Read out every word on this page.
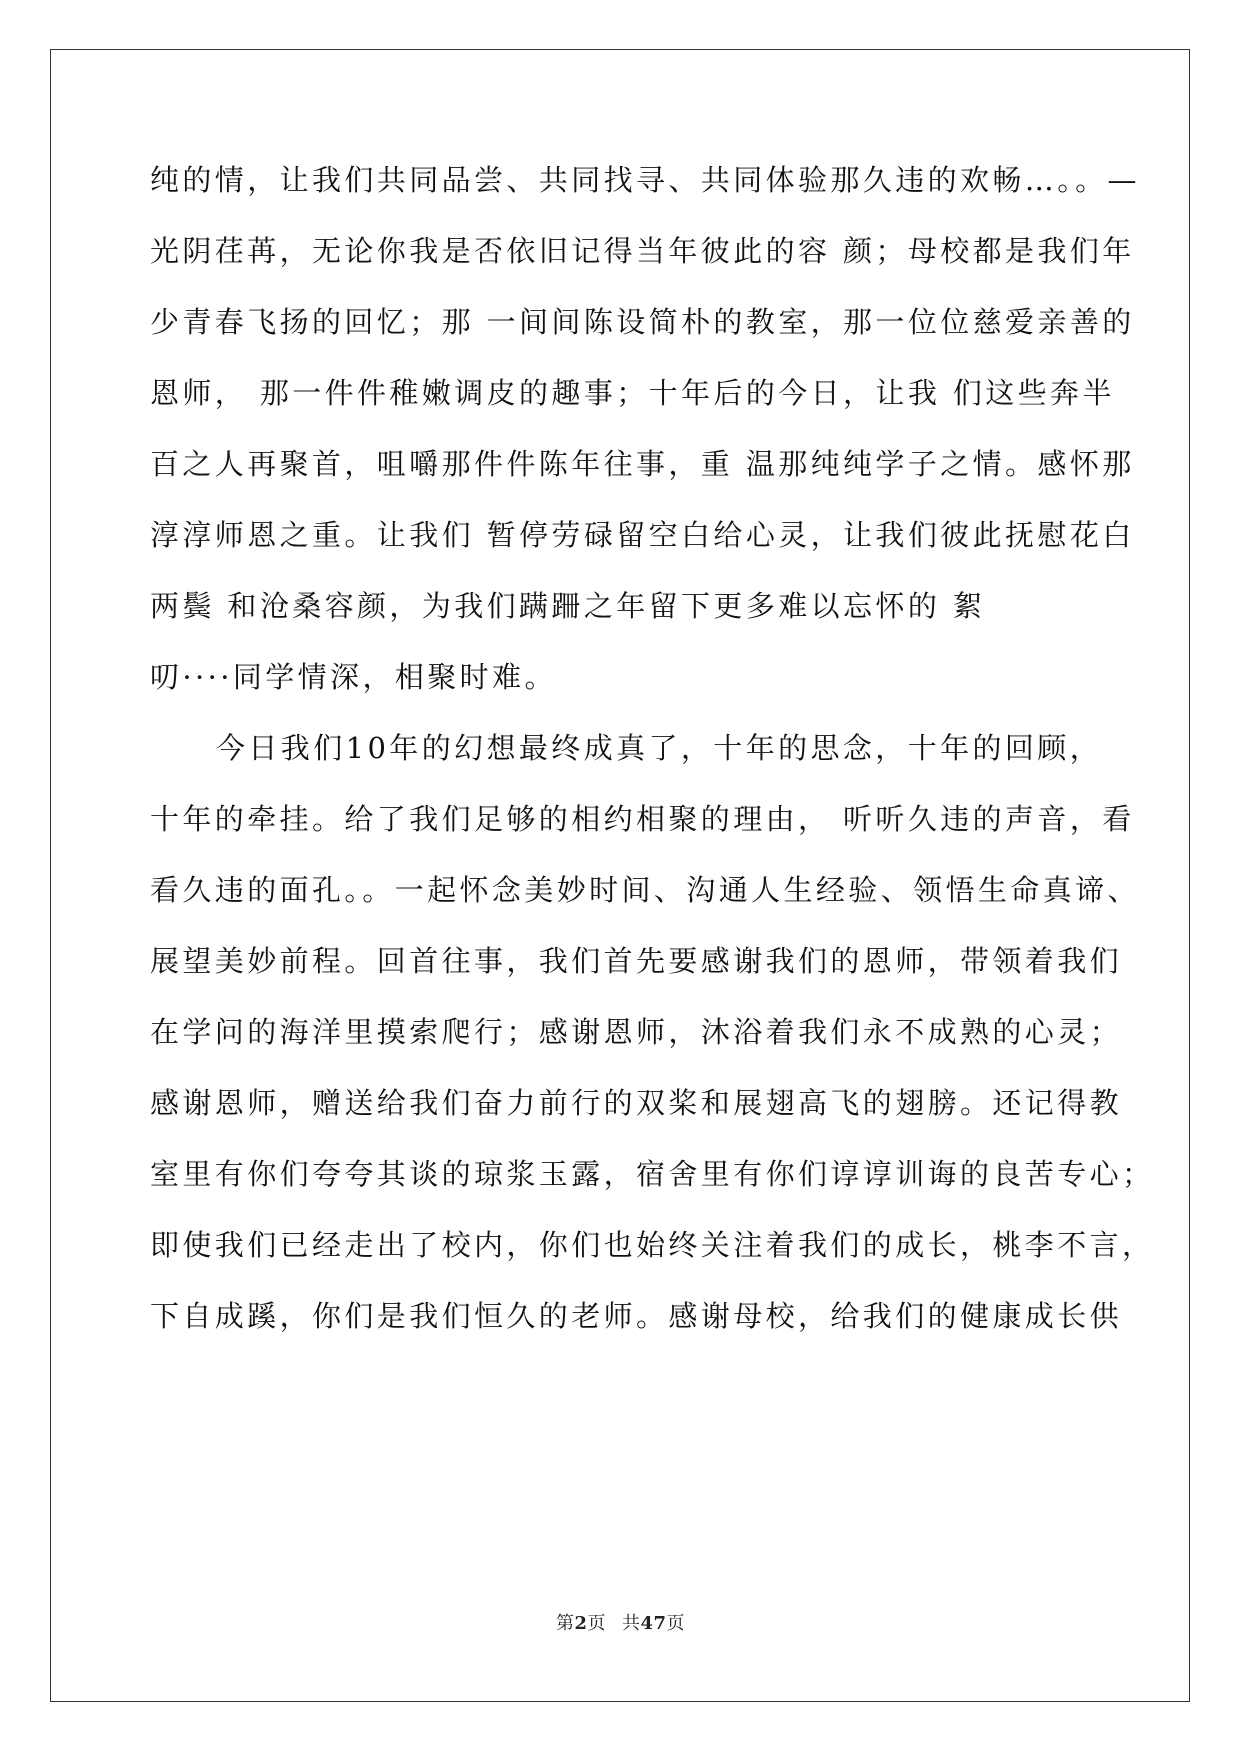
纯的情，让我们共同品尝、共同找寻、共同体验那久违的欢畅…。。—
光阴荏苒，无论你我是否依旧记得当年彼此的容 颜；母校都是我们年
少青春飞扬的回忆；那 一间间陈设简朴的教室，那一位位慈爱亲善的
恩师， 那一件件稚嫩调皮的趣事；十年后的今日，让我 们这些奔半
百之人再聚首，咀嚼那件件陈年往事，重 温那纯纯学子之情。感怀那
淳淳师恩之重。让我们 暂停劳碌留空白给心灵，让我们彼此抚慰花白
两鬓 和沧桑容颜，为我们蹒跚之年留下更多难以忘怀的 絮
叨····同学情深，相聚时难。
今日我们10年的幻想最终成真了，十年的思念，十年的回顾，
十年的牵挂。给了我们足够的相约相聚的理由， 听听久违的声音，看
看久违的面孔。。一起怀念美妙时间、沟通人生经验、领悟生命真谛、
展望美妙前程。回首往事，我们首先要感谢我们的恩师，带领着我们
在学问的海洋里摸索爬行；感谢恩师，沐浴着我们永不成熟的心灵；
感谢恩师，赠送给我们奋力前行的双桨和展翅高飞的翅膀。还记得教
室里有你们夸夸其谈的琼浆玉露，宿舍里有你们谆谆训诲的良苦专心；
即使我们已经走出了校内，你们也始终关注着我们的成长，桃李不言，
下自成蹊，你们是我们恒久的老师。感谢母校，给我们的健康成长供
第2页 共47页
